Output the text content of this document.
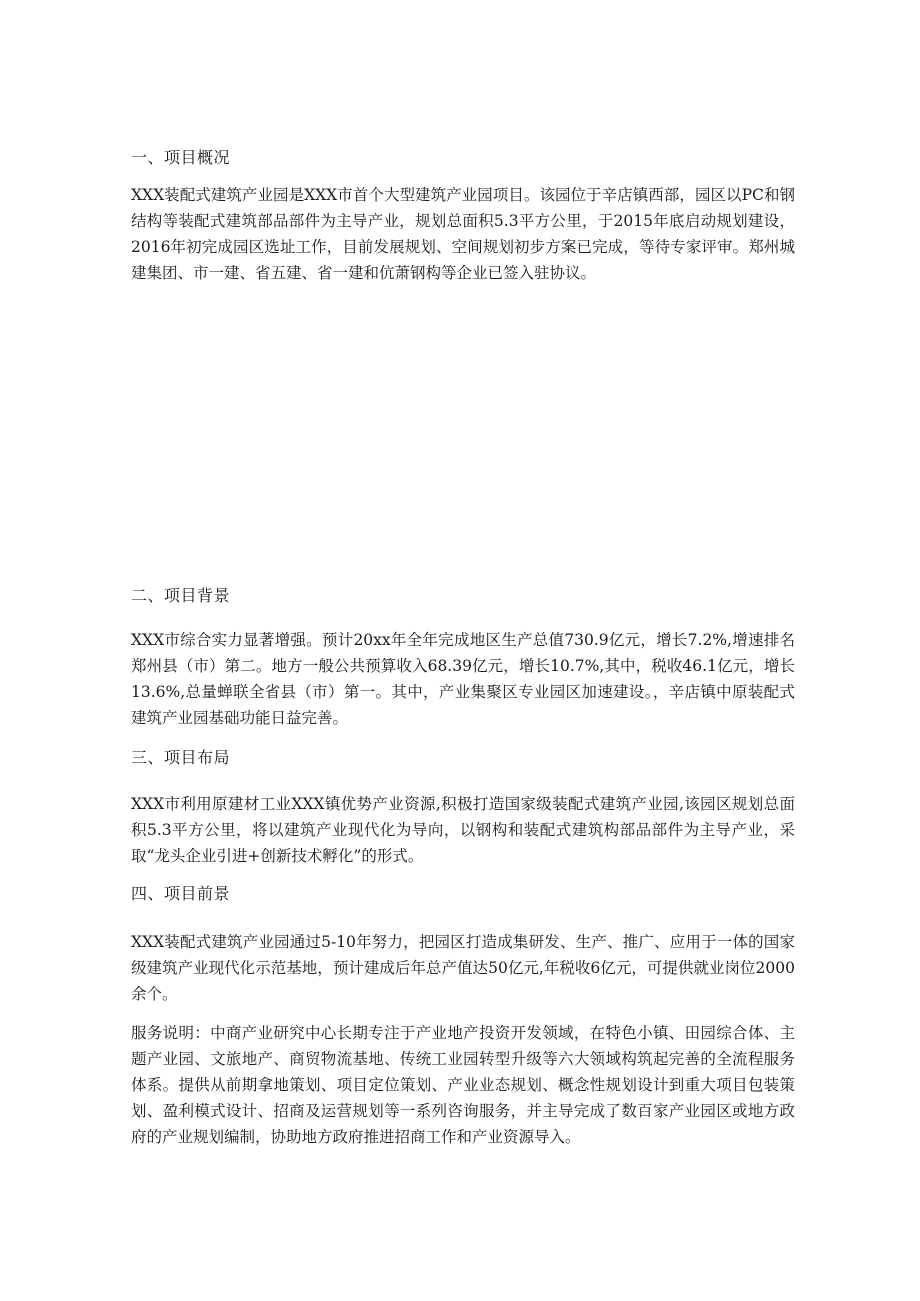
一、项目概况

XXX装配式建筑产业园是XXX市首个大型建筑产业园项目。该园位于辛店镇西部，园区以PC和钢结构等装配式建筑部品部件为主导产业，规划总面积5.3平方公里，于2015年底启动规划建设，2016年初完成园区选址工作，目前发展规划、空间规划初步方案已完成，等待专家评审。郑州城建集团、市一建、省五建、省一建和伉萧钢构等企业已签入驻协议。

二、项目背景

XXX市综合实力显著增强。预计20xx年全年完成地区生产总值730.9亿元，增长7.2%,增速排名郑州县（市）第二。地方一般公共预算收入68.39亿元，增长10.7%,其中，税收46.1亿元，增长13.6%,总量蝉联全省县（市）第一。其中，产业集聚区专业园区加速建设。，辛店镇中原装配式建筑产业园基础功能日益完善。

三、项目布局

XXX市利用原建材工业XXX镇优势产业资源,积极打造国家级装配式建筑产业园,该园区规划总面积5.3平方公里，将以建筑产业现代化为导向，以钢构和装配式建筑构部品部件为主导产业，采取“龙头企业引进+创新技术孵化”的形式。

四、项目前景

XXX装配式建筑产业园通过5-10年努力，把园区打造成集研发、生产、推广、应用于一体的国家级建筑产业现代化示范基地，预计建成后年总产值达50亿元,年税收6亿元，可提供就业岗位2000余个。

服务说明：中商产业研究中心长期专注于产业地产投资开发领域，在特色小镇、田园综合体、主题产业园、文旅地产、商贸物流基地、传统工业园转型升级等六大领域构筑起完善的全流程服务体系。提供从前期拿地策划、项目定位策划、产业业态规划、概念性规划设计到重大项目包装策划、盈利模式设计、招商及运营规划等一系列咨询服务，并主导完成了数百家产业园区或地方政府的产业规划编制，协助地方政府推进招商工作和产业资源导入。
